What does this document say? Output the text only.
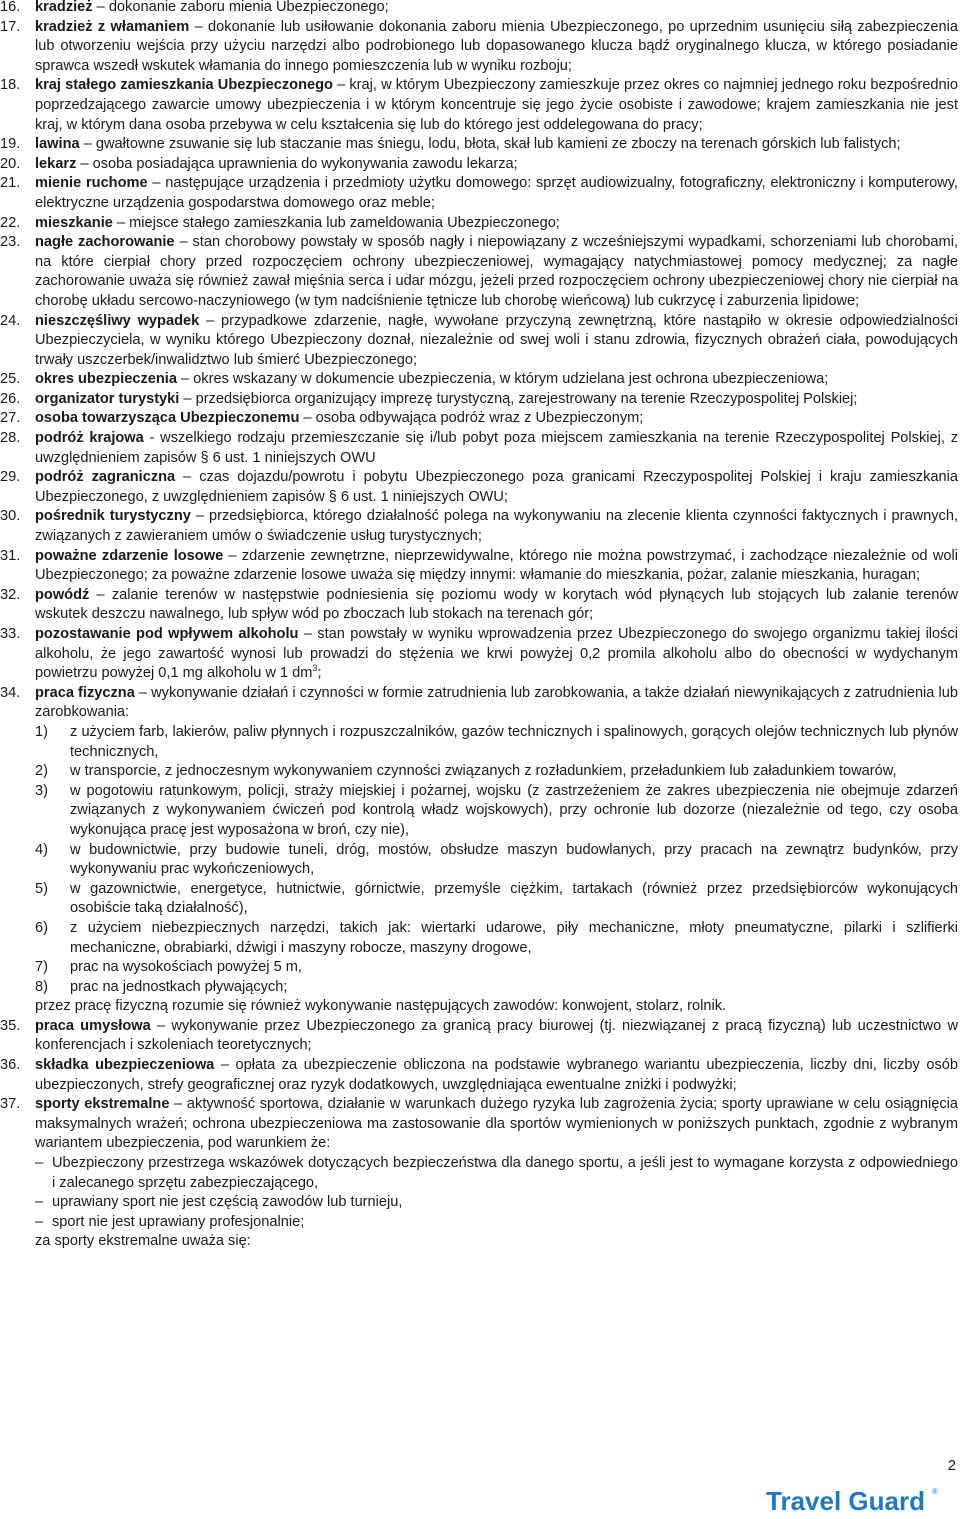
16. kradzież – dokonanie zaboru mienia Ubezpieczonego;
17. kradzież z włamaniem – dokonanie lub usiłowanie dokonania zaboru mienia Ubezpieczonego, po uprzednim usunięciu siłą zabezpieczenia lub otworzeniu wejścia przy użyciu narzędzi albo podrobionego lub dopasowanego klucza bądź oryginalnego klucza, w którego posiadanie sprawca wszedł wskutek włamania do innego pomieszczenia lub w wyniku rozboju;
18. kraj stałego zamieszkania Ubezpieczonego – kraj, w którym Ubezpieczony zamieszkuje przez okres co najmniej jednego roku bezpośrednio poprzedzającego zawarcie umowy ubezpieczenia i w którym koncentruje się jego życie osobiste i zawodowe; krajem zamieszkania nie jest kraj, w którym dana osoba przebywa w celu kształcenia się lub do którego jest oddelegowana do pracy;
19. lawina – gwałtowne zsuwanie się lub staczanie mas śniegu, lodu, błota, skał lub kamieni ze zboczy na terenach górskich lub falistych;
20. lekarz – osoba posiadająca uprawnienia do wykonywania zawodu lekarza;
21. mienie ruchome – następujące urządzenia i przedmioty użytku domowego: sprzęt audiowizualny, fotograficzny, elektroniczny i komputerowy, elektryczne urządzenia gospodarstwa domowego oraz meble;
22. mieszkanie – miejsce stałego zamieszkania lub zameldowania Ubezpieczonego;
23. nagłe zachorowanie – stan chorobowy powstały w sposób nagły i niepowiązany z wcześniejszymi wypadkami, schorzeniami lub chorobami, na które cierpiał chory przed rozpoczęciem ochrony ubezpieczeniowej, wymagający natychmiastowej pomocy medycznej; za nagłe zachorowanie uważa się również zawał mięśnia serca i udar mózgu, jeżeli przed rozpoczęciem ochrony ubezpieczeniowej chory nie cierpiał na chorobę układu sercowo-naczyniowego (w tym nadciśnienie tętnicze lub chorobę wieńcową) lub cukrzycę i zaburzenia lipidowe;
24. nieszczęśliwy wypadek – przypadkowe zdarzenie, nagłe, wywołane przyczyną zewnętrzną, które nastąpiło w okresie odpowiedzialności Ubezpieczyciela, w wyniku którego Ubezpieczony doznał, niezależnie od swej woli i stanu zdrowia, fizycznych obrażeń ciała, powodujących trwały uszczerbek/inwalidztwo lub śmierć Ubezpieczonego;
25. okres ubezpieczenia – okres wskazany w dokumencie ubezpieczenia, w którym udzielana jest ochrona ubezpieczeniowa;
26. organizator turystyki – przedsiębiorca organizujący imprezę turystyczną, zarejestrowany na terenie Rzeczypospolitej Polskiej;
27. osoba towarzysząca Ubezpieczonemu – osoba odbywająca podróż wraz z Ubezpieczonym;
28. podróż krajowa - wszelkiego rodzaju przemieszczanie się i/lub pobyt poza miejscem zamieszkania na terenie Rzeczypospolitej Polskiej, z uwzględnieniem zapisów § 6 ust. 1 niniejszych OWU
29. podróż zagraniczna – czas dojazdu/powrotu i pobytu Ubezpieczonego poza granicami Rzeczypospolitej Polskiej i kraju zamieszkania Ubezpieczonego, z uwzględnieniem zapisów § 6 ust. 1 niniejszych OWU;
30. pośrednik turystyczny – przedsiębiorca, którego działalność polega na wykonywaniu na zlecenie klienta czynności faktycznych i prawnych, związanych z zawieraniem umów o świadczenie usług turystycznych;
31. poważne zdarzenie losowe – zdarzenie zewnętrzne, nieprzewidywalne, którego nie można powstrzymać, i zachodzące niezależnie od woli Ubezpieczonego; za poważne zdarzenie losowe uważa się między innymi: włamanie do mieszkania, pożar, zalanie mieszkania, huragan;
32. powódź – zalanie terenów w następstwie podniesienia się poziomu wody w korytach wód płynących lub stojących lub zalanie terenów wskutek deszczu nawalnego, lub spływ wód po zboczach lub stokach na terenach gór;
33. pozostawanie pod wpływem alkoholu – stan powstały w wyniku wprowadzenia przez Ubezpieczonego do swojego organizmu takiej ilości alkoholu, że jego zawartość wynosi lub prowadzi do stężenia we krwi powyżej 0,2 promila alkoholu albo do obecności w wydychanym powietrzu powyżej 0,1 mg alkoholu w 1 $dm^3$;
34. praca fizyczna – wykonywanie działań i czynności w formie zatrudnienia lub zarobkowania, a także działań niewynikających z zatrudnienia lub zarobkowania:
1) z użyciem farb, lakierów, paliw płynnych i rozpuszczalników, gazów technicznych i spalinowych, gorących olejów technicznych lub płynów technicznych,
2) w transporcie, z jednoczesnym wykonywaniem czynności związanych z rozładunkiem, przeładunkiem lub załadunkiem towarów,
3) w pogotowiu ratunkowym, policji, straży miejskiej i pożarnej, wojsku (z zastrzeżeniem że zakres ubezpieczenia nie obejmuje zdarzeń związanych z wykonywaniem ćwiczeń pod kontrolą władz wojskowych), przy ochronie lub dozorze (niezależnie od tego, czy osoba wykonująca pracę jest wyposażona w broń, czy nie),
4) w budownictwie, przy budowie tuneli, dróg, mostów, obsłudze maszyn budowlanych, przy pracach na zewnątrz budynków, przy wykonywaniu prac wykończeniowych,
5) w gazownictwie, energetyce, hutnictwie, górnictwie, przemyśle ciężkim, tartakach (również przez przedsiębiorców wykonujących osobiście taką działalność),
6) z użyciem niebezpiecznych narzędzi, takich jak: wiertarki udarowe, piły mechaniczne, młoty pneumatyczne, pilarki i szlifierki mechaniczne, obrabiarki, dźwigi i maszyny robocze, maszyny drogowe,
7) prac na wysokościach powyżej 5 m,
8) prac na jednostkach pływających;
przez pracę fizyczną rozumie się również wykonywanie następujących zawodów: konwojent, stolarz, rolnik.
35. praca umysłowa – wykonywanie przez Ubezpieczonego za granicą pracy biurowej (tj. niezwiązanej z pracą fizyczną) lub uczestnictwo w konferencjach i szkoleniach teoretycznych;
36. składka ubezpieczeniowa – opłata za ubezpieczenie obliczona na podstawie wybranego wariantu ubezpieczenia, liczby dni, liczby osób ubezpieczonych, strefy geograficznej oraz ryzyk dodatkowych, uwzględniająca ewentualne zniżki i podwyżki;
37. sporty ekstremalne – aktywność sportowa, działanie w warunkach dużego ryzyka lub zagrożenia życia; sporty uprawiane w celu osiągnięcia maksymalnych wrażeń; ochrona ubezpieczeniowa ma zastosowanie dla sportów wymienionych w poniższych punktach, zgodnie z wybranym wariantem ubezpieczenia, pod warunkiem że:
– Ubezpieczony przestrzega wskazówek dotyczących bezpieczeństwa dla danego sportu, a jeśli jest to wymagane korzysta z odpowiedniego i zalecanego sprzętu zabezpieczającego,
– uprawiany sport nie jest częścią zawodów lub turnieju,
– sport nie jest uprawiany profesjonalnie;
za sporty ekstremalne uważa się:
2
Travel Guard ®
